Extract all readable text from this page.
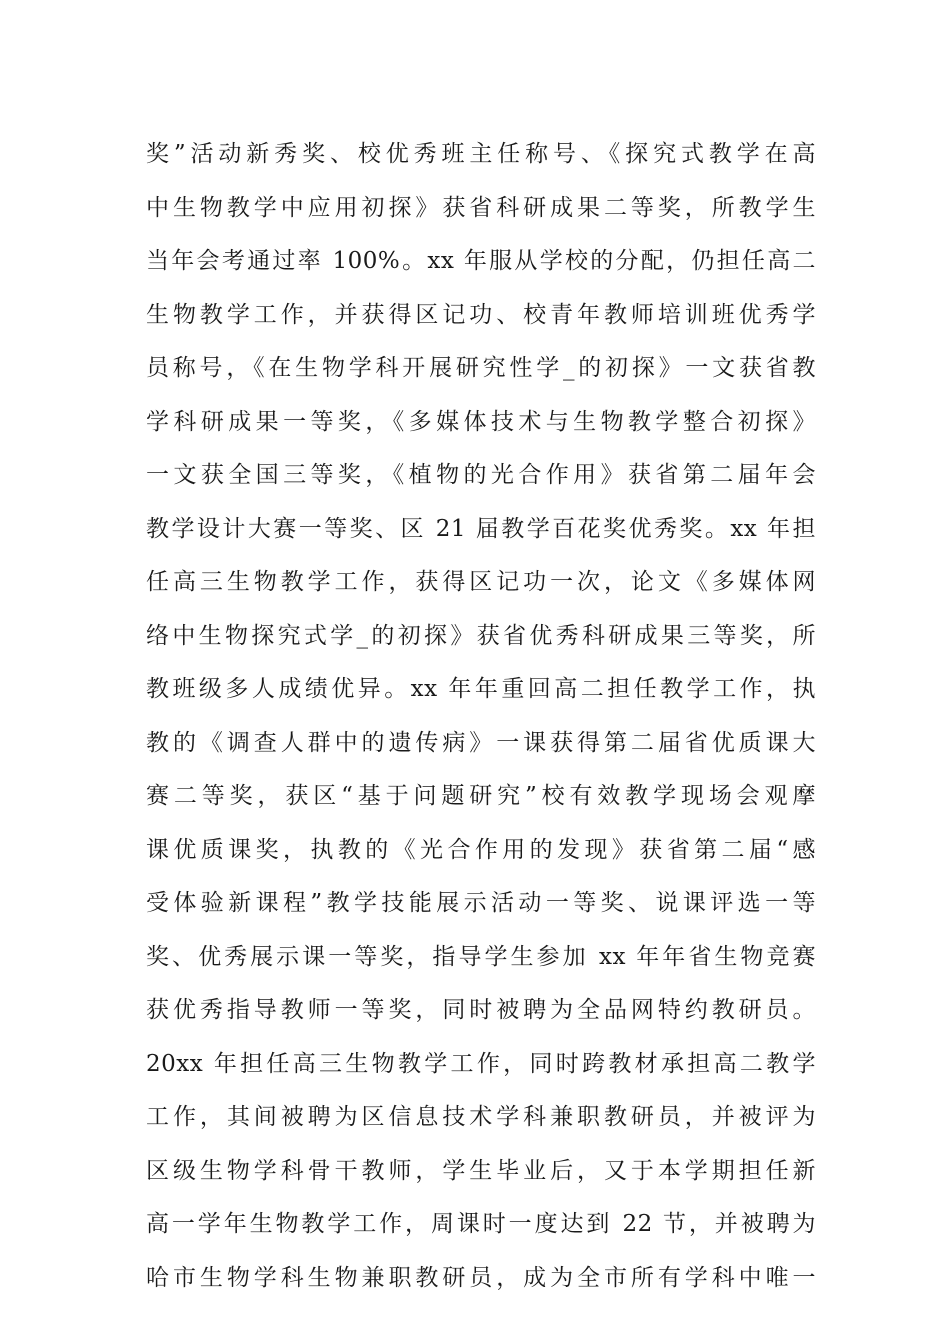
奖”活动新秀奖、校优秀班主任称号、《探究式教学在高
中生物教学中应用初探》获省科研成果二等奖，所教学生
当年会考通过率 100%。xx 年服从学校的分配，仍担任高二
生物教学工作，并获得区记功、校青年教师培训班优秀学
员称号，《在生物学科开展研究性学_的初探》一文获省教
学科研成果一等奖，《多媒体技术与生物教学整合初探》
一文获全国三等奖，《植物的光合作用》获省第二届年会
教学设计大赛一等奖、区 21 届教学百花奖优秀奖。xx 年担
任高三生物教学工作，获得区记功一次，论文《多媒体网
络中生物探究式学_的初探》获省优秀科研成果三等奖，所
教班级多人成绩优异。xx 年年重回高二担任教学工作，执
教的《调查人群中的遗传病》一课获得第二届省优质课大
赛二等奖，获区“基于问题研究”校有效教学现场会观摩
课优质课奖，执教的《光合作用的发现》获省第二届“感
受体验新课程”教学技能展示活动一等奖、说课评选一等
奖、优秀展示课一等奖，指导学生参加 xx 年年省生物竞赛
获优秀指导教师一等奖，同时被聘为全品网特约教研员。
20xx 年担任高三生物教学工作，同时跨教材承担高二教学
工作，其间被聘为区信息技术学科兼职教研员，并被评为
区级生物学科骨干教师，学生毕业后，又于本学期担任新
高一学年生物教学工作，周课时一度达到 22 节，并被聘为
哈市生物学科生物兼职教研员，成为全市所有学科中唯一
